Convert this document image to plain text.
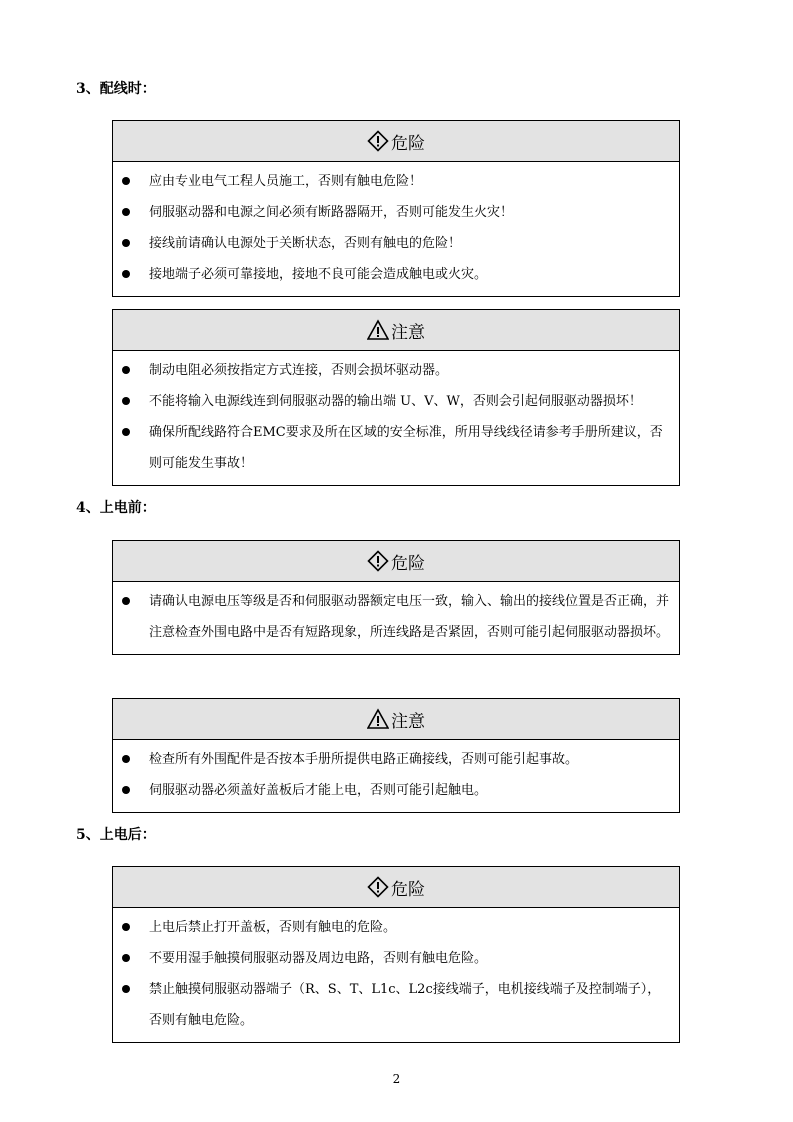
3、配线时：
危险
应由专业电气工程人员施工，否则有触电危险！
伺服驱动器和电源之间必须有断路器隔开，否则可能发生火灾！
接线前请确认电源处于关断状态，否则有触电的危险！
接地端子必须可靠接地，接地不良可能会造成触电或火灾。
注意
制动电阻必须按指定方式连接，否则会损坏驱动器。
不能将输入电源线连到伺服驱动器的输出端 U、V、W，否则会引起伺服驱动器损坏！
确保所配线路符合EMC要求及所在区域的安全标准，所用导线线径请参考手册所建议，否则可能发生事故！
4、上电前：
危险
请确认电源电压等级是否和伺服驱动器额定电压一致，输入、输出的接线位置是否正确，并注意检查外围电路中是否有短路现象，所连线路是否紧固，否则可能引起伺服驱动器损坏。
注意
检查所有外围配件是否按本手册所提供电路正确接线，否则可能引起事故。
伺服驱动器必须盖好盖板后才能上电，否则可能引起触电。
5、上电后：
危险
上电后禁止打开盖板，否则有触电的危险。
不要用湿手触摸伺服驱动器及周边电路，否则有触电危险。
禁止触摸伺服驱动器端子（R、S、T、L1c、L2c接线端子，电机接线端子及控制端子），否则有触电危险。
2
